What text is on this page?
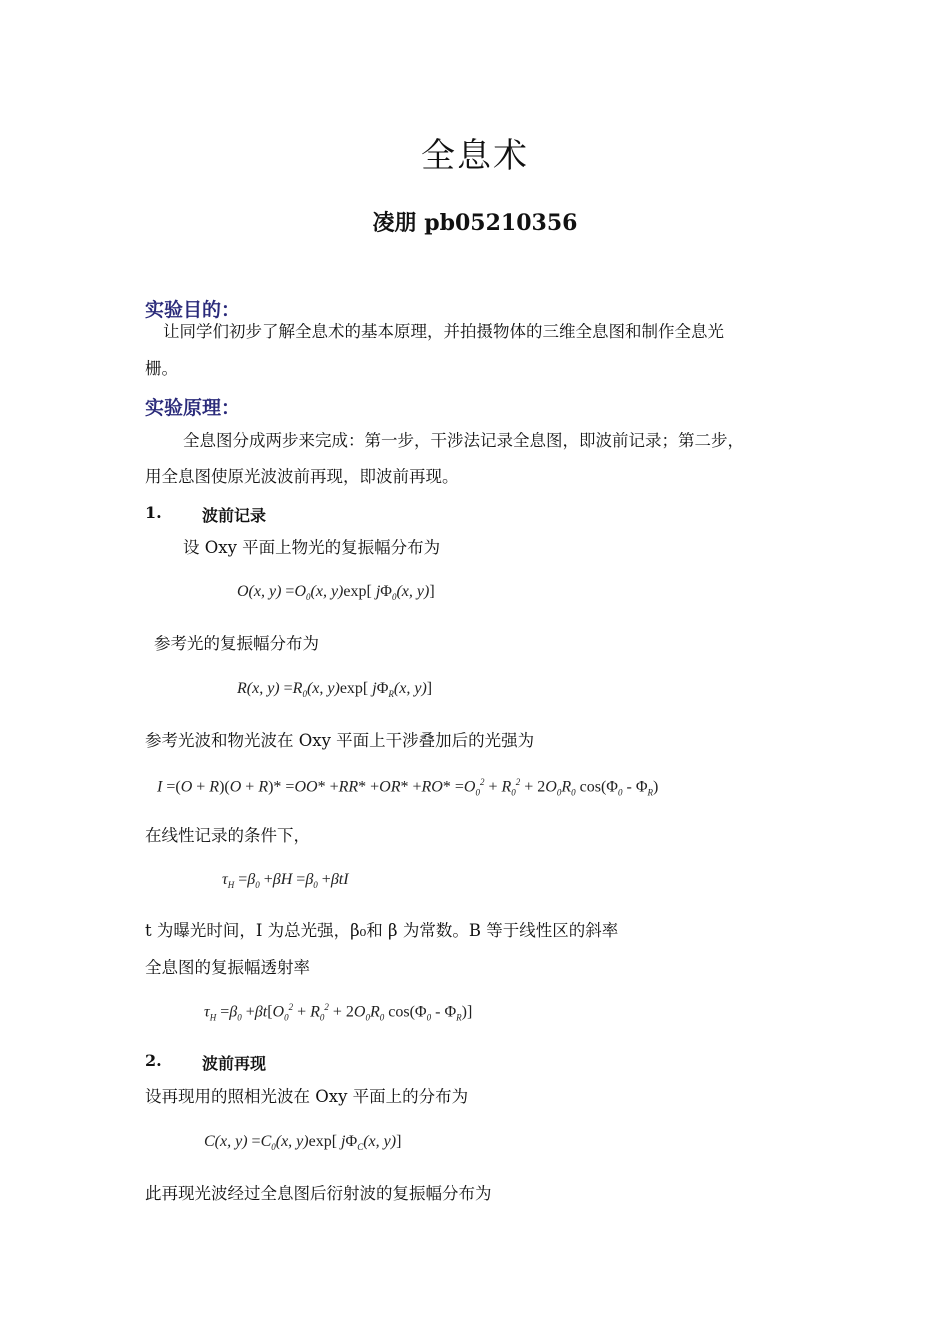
全息术
凌朋 pb05210356
实验目的：
让同学们初步了解全息术的基本原理，并拍摄物体的三维全息图和制作全息光
栅。
实验原理：
全息图分成两步来完成：第一步，干涉法记录全息图，即波前记录；第二步，
用全息图使原光波波前再现，即波前再现。
1.	波前记录
设 Oxy 平面上物光的复振幅分布为
O(x, $y) =O_0(x$, y)exp[ $j\Phi_0(x$, y)]
参考光的复振幅分布为
R(x, $y) =R_0(x$, y)exp[ $j\Phi_R(x$, y)]
参考光波和物光波在 Oxy 平面上干涉叠加后的光强为
$I =(O + R)(O + R)* =OO* +RR* +OR* +RO* =O_0^2 + R_0^2 + 2O_0R_0$ $\cos(\Phi_0 - \Phi_R)$
在线性记录的条件下，
$\tau_H =\beta_0 +\beta H =\beta_0 +\beta tI$
t 为曝光时间，I 为总光强，β₀和 β 为常数。B 等于线性区的斜率
全息图的复振幅透射率
$\tau_H =\beta_0 +\beta t[O_0^2 + R_0^2 + 2O_0R_0$ $\cos(\Phi_0 - \Phi_R)$]
2.	波前再现
设再现用的照相光波在 Oxy 平面上的分布为
C(x, $y) =C_0(x$, y)exp[ $j\Phi_C(x$, y)]
此再现光波经过全息图后衍射波的复振幅分布为
